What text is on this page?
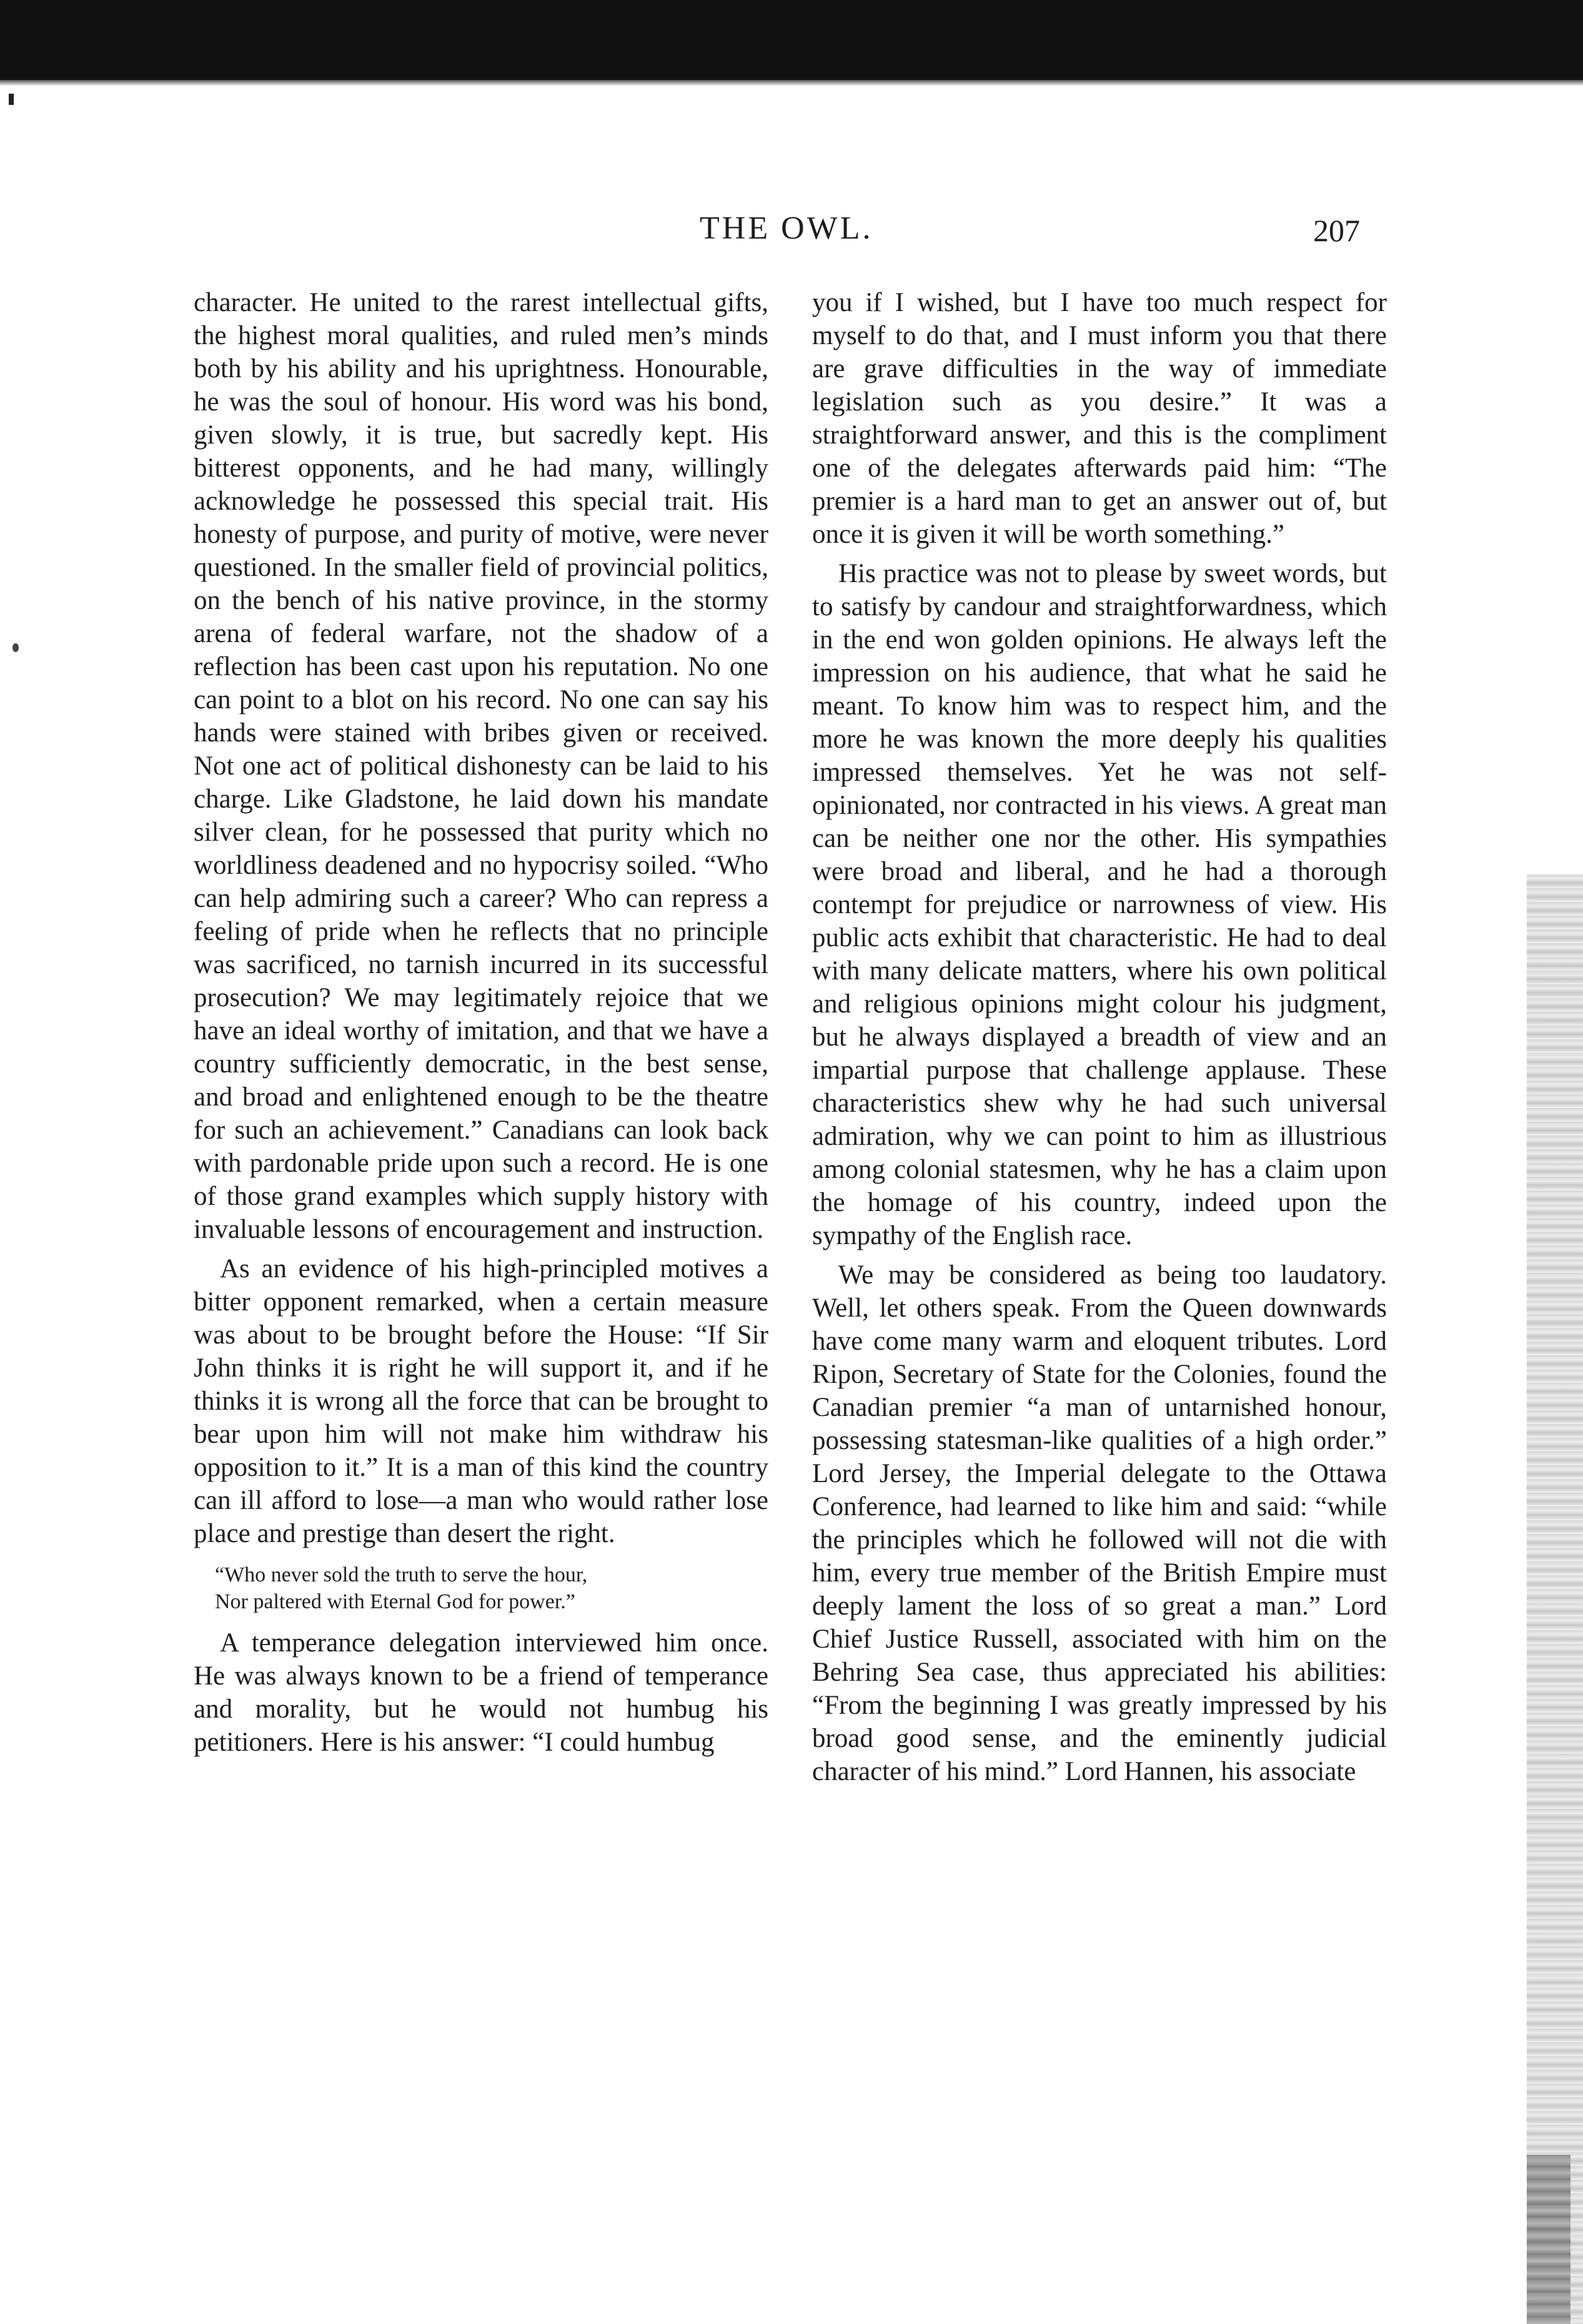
THE OWL.	207

character. He united to the rarest intellectual gifts, the highest moral qualities, and ruled men’s minds both by his ability and his uprightness. Honourable, he was the soul of honour. His word was his bond, given slowly, it is true, but sacredly kept. His bitterest opponents, and he had many, willingly acknowledge he possessed this special trait. His honesty of purpose, and purity of motive, were never questioned. In the smaller field of provincial politics, on the bench of his native province, in the stormy arena of federal warfare, not the shadow of a reflection has been cast upon his reputation. No one can point to a blot on his record. No one can say his hands were stained with bribes given or received. Not one act of political dishonesty can be laid to his charge. Like Gladstone, he laid down his mandate silver clean, for he possessed that purity which no worldliness deadened and no hypocrisy soiled. “Who can help admiring such a career? Who can repress a feeling of pride when he reflects that no principle was sacrificed, no tarnish incurred in its successful prosecution? We may legitimately rejoice that we have an ideal worthy of imitation, and that we have a country sufficiently democratic, in the best sense, and broad and enlightened enough to be the theatre for such an achievement.” Canadians can look back with pardonable pride upon such a record. He is one of those grand examples which supply history with invaluable lessons of encouragement and instruction.

As an evidence of his high-principled motives a bitter opponent remarked, when a certain measure was about to be brought before the House: “If Sir John thinks it is right he will support it, and if he thinks it is wrong all the force that can be brought to bear upon him will not make him withdraw his opposition to it.” It is a man of this kind the country can ill afford to lose—a man who would rather lose place and prestige than desert the right.

“Who never sold the truth to serve the hour,
Nor paltered with Eternal God for power.”

A temperance delegation interviewed him once. He was always known to be a friend of temperance and morality, but he would not humbug his petitioners. Here is his answer: “I could humbug

you if I wished, but I have too much respect for myself to do that, and I must inform you that there are grave difficulties in the way of immediate legislation such as you desire.” It was a straightforward answer, and this is the compliment one of the delegates afterwards paid him: “The premier is a hard man to get an answer out of, but once it is given it will be worth something.”

His practice was not to please by sweet words, but to satisfy by candour and straightforwardness, which in the end won golden opinions. He always left the impression on his audience, that what he said he meant. To know him was to respect him, and the more he was known the more deeply his qualities impressed themselves. Yet he was not self-opinionated, nor contracted in his views. A great man can be neither one nor the other. His sympathies were broad and liberal, and he had a thorough contempt for prejudice or narrowness of view. His public acts exhibit that characteristic. He had to deal with many delicate matters, where his own political and religious opinions might colour his judgment, but he always displayed a breadth of view and an impartial purpose that challenge applause. These characteristics shew why he had such universal admiration, why we can point to him as illustrious among colonial statesmen, why he has a claim upon the homage of his country, indeed upon the sympathy of the English race.

We may be considered as being too laudatory. Well, let others speak. From the Queen downwards have come many warm and eloquent tributes. Lord Ripon, Secretary of State for the Colonies, found the Canadian premier “a man of untarnished honour, possessing statesman-like qualities of a high order.” Lord Jersey, the Imperial delegate to the Ottawa Conference, had learned to like him and said: “while the principles which he followed will not die with him, every true member of the British Empire must deeply lament the loss of so great a man.” Lord Chief Justice Russell, associated with him on the Behring Sea case, thus appreciated his abilities: “From the beginning I was greatly impressed by his broad good sense, and the eminently judicial character of his mind.” Lord Hannen, his associate
